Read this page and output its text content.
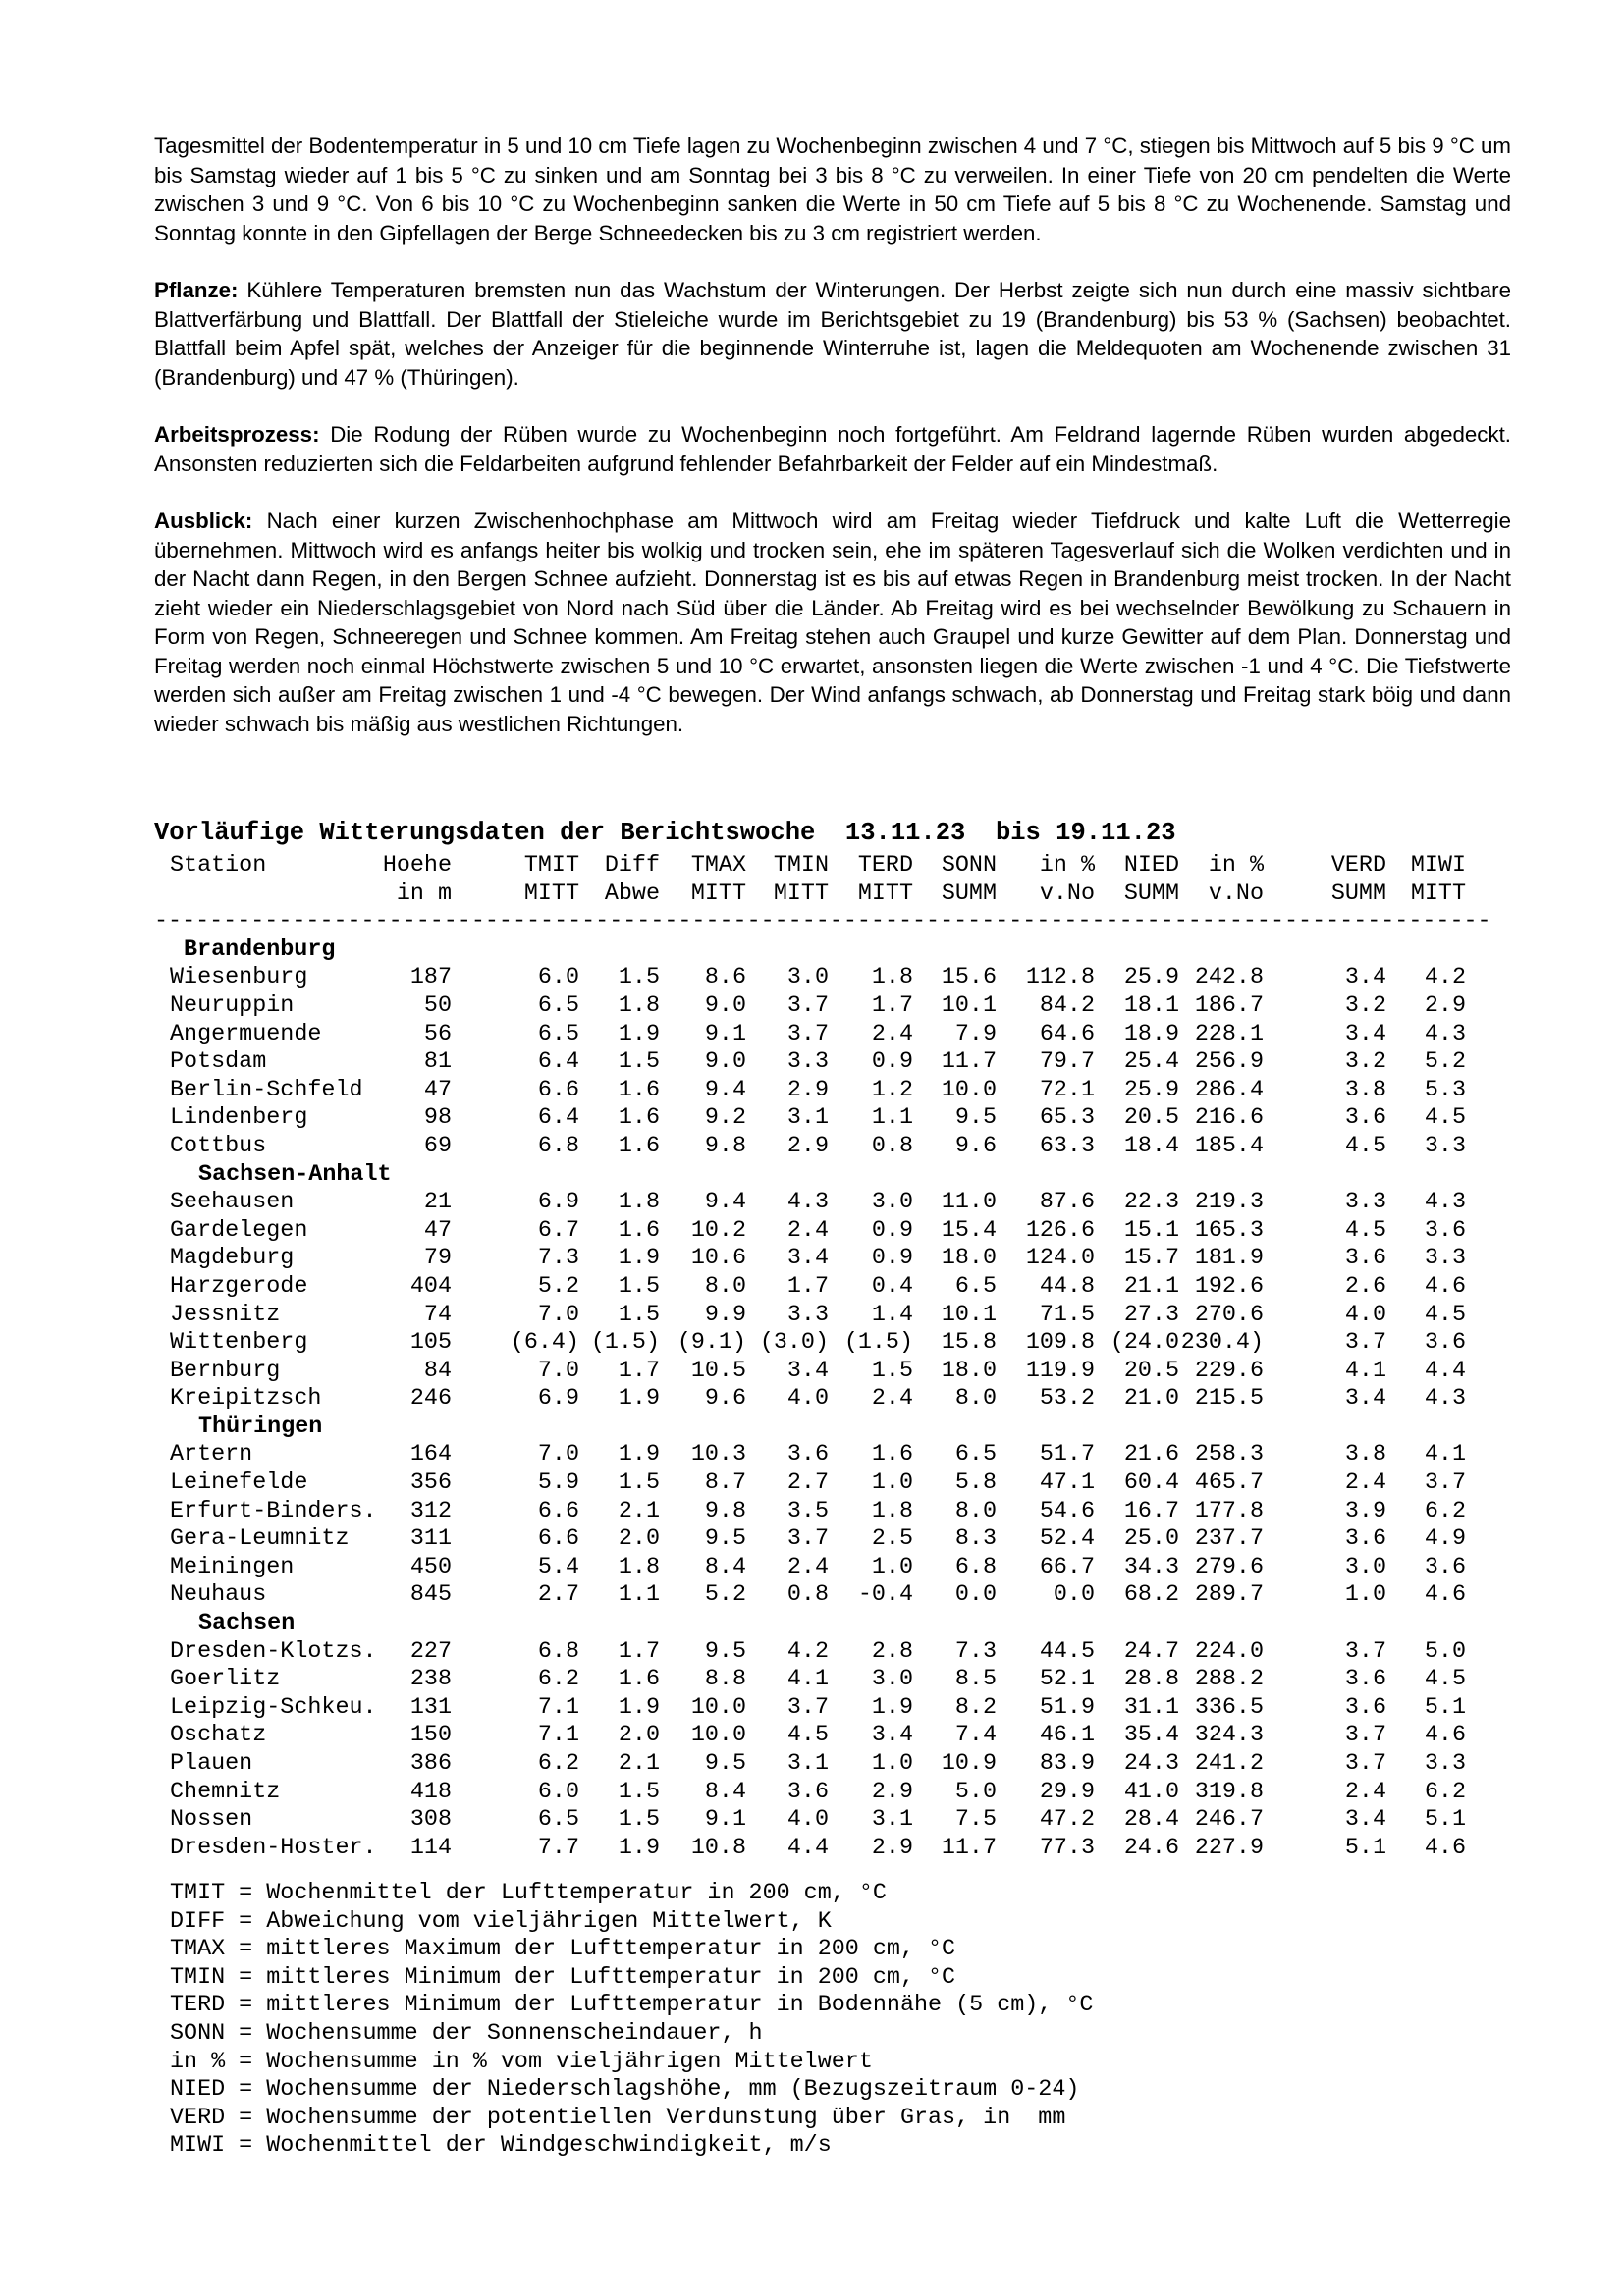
Tagesmittel der Bodentemperatur in 5 und 10 cm Tiefe lagen zu Wochenbeginn zwischen 4 und 7 °C, stiegen bis Mittwoch auf 5 bis 9 °C um bis Samstag wieder auf 1 bis 5 °C zu sinken und am Sonntag bei 3 bis 8 °C zu verweilen. In einer Tiefe von 20 cm pendelten die Werte zwischen 3 und 9 °C. Von 6 bis 10 °C zu Wochenbeginn sanken die Werte in 50 cm Tiefe auf 5 bis 8 °C zu Wochenende. Samstag und Sonntag konnte in den Gipfellagen der Berge Schneedecken bis zu 3 cm registriert werden.

Pflanze: Kühlere Temperaturen bremsten nun das Wachstum der Winterungen. Der Herbst zeigte sich nun durch eine massiv sichtbare Blattverfärbung und Blattfall. Der Blattfall der Stieleiche wurde im Berichtsgebiet zu 19 (Brandenburg) bis 53 % (Sachsen) beobachtet. Blattfall beim Apfel spät, welches der Anzeiger für die beginnende Winterruhe ist, lagen die Meldequoten am Wochenende zwischen 31 (Brandenburg) und 47 % (Thüringen).

Arbeitsprozess: Die Rodung der Rüben wurde zu Wochenbeginn noch fortgeführt. Am Feldrand lagernde Rüben wurden abgedeckt. Ansonsten reduzierten sich die Feldarbeiten aufgrund fehlender Befahrbarkeit der Felder auf ein Mindestmaß.

Ausblick: Nach einer kurzen Zwischenhochphase am Mittwoch wird am Freitag wieder Tiefdruck und kalte Luft die Wetterregie übernehmen. Mittwoch wird es anfangs heiter bis wolkig und trocken sein, ehe im späteren Tagesverlauf sich die Wolken verdichten und in der Nacht dann Regen, in den Bergen Schnee aufzieht. Donnerstag ist es bis auf etwas Regen in Brandenburg meist trocken. In der Nacht zieht wieder ein Niederschlagsgebiet von Nord nach Süd über die Länder. Ab Freitag wird es bei wechselnder Bewölkung zu Schauern in Form von Regen, Schneeregen und Schnee kommen. Am Freitag stehen auch Graupel und kurze Gewitter auf dem Plan. Donnerstag und Freitag werden noch einmal Höchstwerte zwischen 5 und 10 °C erwartet, ansonsten liegen die Werte zwischen -1 und 4 °C. Die Tiefstwerte werden sich außer am Freitag zwischen 1 und -4 °C bewegen. Der Wind anfangs schwach, ab Donnerstag und Freitag stark böig und dann wieder schwach bis mäßig aus westlichen Richtungen.

Vorläufige Witterungsdaten der Berichtswoche  13.11.23  bis 19.11.23
Station	Hoehe	TMIT Diff TMAX TMIN TERD SONN in % NIED in %	VERD MIWI
in m	MITT Abwe MITT MITT MITT SUMM v.No SUMM v.No	SUMM MITT
-------------------------------------------------------------------------------------------------
Brandenburg
Wiesenburg	187	6.0 1.5 8.6 3.0 1.8 15.6 112.8 25.9 242.8	3.4 4.2
Neuruppin	50	6.5 1.8 9.0 3.7 1.7 10.1 84.2 18.1 186.7	3.2 2.9
Angermuende	56	6.5 1.9 9.1 3.7 2.4 7.9 64.6 18.9 228.1	3.4 4.3
Potsdam	81	6.4 1.5 9.0 3.3 0.9 11.7 79.7 25.4 256.9	3.2 5.2
Berlin-Schfeld	47	6.6 1.6 9.4 2.9 1.2 10.0 72.1 25.9 286.4	3.8 5.3
Lindenberg	98	6.4 1.6 9.2 3.1 1.1 9.5 65.3 20.5 216.6	3.6 4.5
Cottbus	69	6.8 1.6 9.8 2.9 0.8 9.6 63.3 18.4 185.4	4.5 3.3
Sachsen-Anhalt
Seehausen	21	6.9 1.8 9.4 4.3 3.0 11.0 87.6 22.3 219.3	3.3 4.3
Gardelegen	47	6.7 1.6 10.2 2.4 0.9 15.4 126.6 15.1 165.3	4.5 3.6
Magdeburg	79	7.3 1.9 10.6 3.4 0.9 18.0 124.0 15.7 181.9	3.6 3.3
Harzgerode	404	5.2 1.5 8.0 1.7 0.4 6.5 44.8 21.1 192.6	2.6 4.6
Jessnitz	74	7.0 1.5 9.9 3.3 1.4 10.1 71.5 27.3 270.6	4.0 4.5
Wittenberg	105	(6.4) (1.5) (9.1) (3.0) (1.5) 15.8 109.8 (24.0 230.4)	3.7 3.6
Bernburg	84	7.0 1.7 10.5 3.4 1.5 18.0 119.9 20.5 229.6	4.1 4.4
Kreipitzsch	246	6.9 1.9 9.6 4.0 2.4 8.0 53.2 21.0 215.5	3.4 4.3
Thüringen
Artern	164	7.0 1.9 10.3 3.6 1.6 6.5 51.7 21.6 258.3	3.8 4.1
Leinefelde	356	5.9 1.5 8.7 2.7 1.0 5.8 47.1 60.4 465.7	2.4 3.7
Erfurt-Binders. 312	6.6 2.1 9.8 3.5 1.8 8.0 54.6 16.7 177.8	3.9 6.2
Gera-Leumnitz	311	6.6 2.0 9.5 3.7 2.5 8.3 52.4 25.0 237.7	3.6 4.9
Meiningen	450	5.4 1.8 8.4 2.4 1.0 6.8 66.7 34.3 279.6	3.0 3.6
Neuhaus	845	2.7 1.1 5.2 0.8 -0.4 0.0 0.0 68.2 289.7	1.0 4.6
Sachsen
Dresden-Klotzs. 227	6.8 1.7 9.5 4.2 2.8 7.3 44.5 24.7 224.0	3.7 5.0
Goerlitz	238	6.2 1.6 8.8 4.1 3.0 8.5 52.1 28.8 288.2	3.6 4.5
Leipzig-Schkeu. 131	7.1 1.9 10.0 3.7 1.9 8.2 51.9 31.1 336.5	3.6 5.1
Oschatz	150	7.1 2.0 10.0 4.5 3.4 7.4 46.1 35.4 324.3	3.7 4.6
Plauen	386	6.2 2.1 9.5 3.1 1.0 10.9 83.9 24.3 241.2	3.7 3.3
Chemnitz	418	6.0 1.5 8.4 3.6 2.9 5.0 29.9 41.0 319.8	2.4 6.2
Nossen	308	6.5 1.5 9.1 4.0 3.1 7.5 47.2 28.4 246.7	3.4 5.1
Dresden-Hoster. 114	7.7 1.9 10.8 4.4 2.9 11.7 77.3 24.6 227.9	5.1 4.6
TMIT = Wochenmittel der Lufttemperatur in 200 cm, °C
DIFF = Abweichung vom vieljährigen Mittelwert, K
TMAX = mittleres Maximum der Lufttemperatur in 200 cm, °C
TMIN = mittleres Minimum der Lufttemperatur in 200 cm, °C
TERD = mittleres Minimum der Lufttemperatur in Bodennähe (5 cm), °C
SONN = Wochensumme der Sonnenscheindauer, h
in % = Wochensumme in % vom vieljährigen Mittelwert
NIED = Wochensumme der Niederschlagshöhe, mm (Bezugszeitraum 0-24)
VERD = Wochensumme der potentiellen Verdunstung über Gras, in  mm
MIWI = Wochenmittel der Windgeschwindigkeit, m/s
